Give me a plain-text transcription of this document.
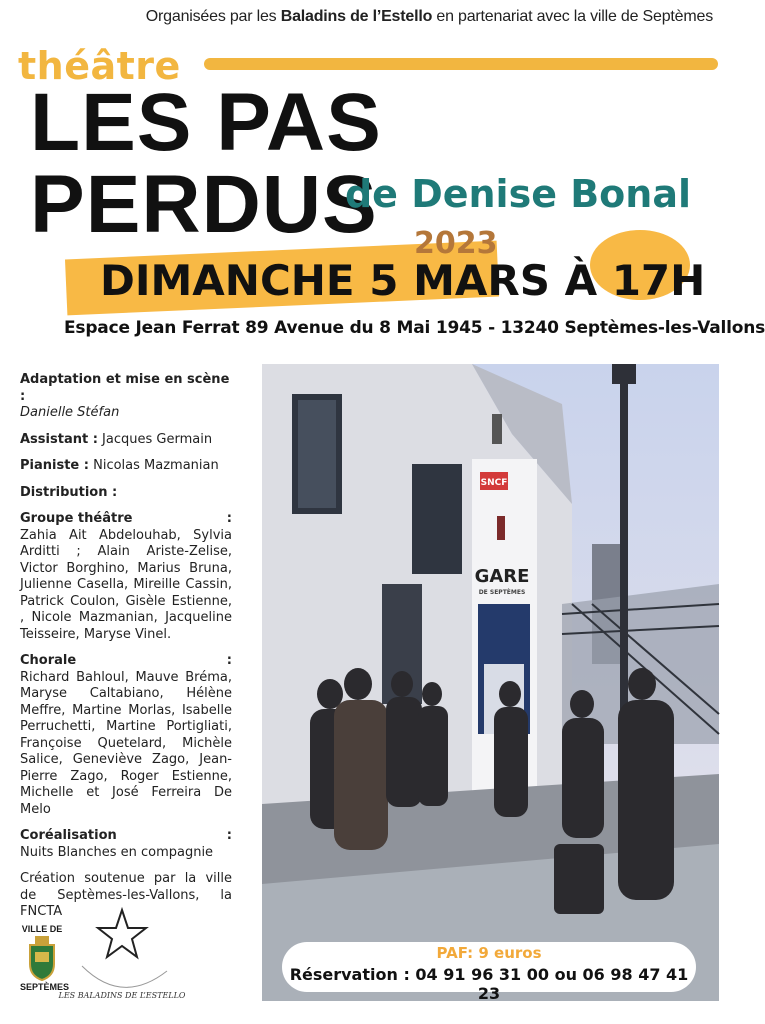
Organisées par les Baladins de l’Estello en partenariat avec la ville de Septèmes
théâtre
LES PAS PERDUS
de Denise Bonal
2023
DIMANCHE 5 MARS À 17H
Espace Jean Ferrat 89 Avenue du 8 Mai 1945 - 13240 Septèmes-les-Vallons
Adaptation et mise en scène :
Danielle Stéfan
Assistant : Jacques Germain
Pianiste : Nicolas Mazmanian
Distribution :
Groupe théâtre	:
Zahia Ait Abdelouhab, Sylvia Arditti ; Alain Ariste-Zelise, Victor Borghino, Marius Bruna, Julienne Casella, Mireille Cassin, Patrick Coulon, Gisèle Estienne, , Nicole Mazmanian, Jacqueline Teisseire, Maryse Vinel.
Chorale	:
Richard Bahloul, Mauve Bréma, Maryse Caltabiano, Hélène Meffre, Martine Morlas, Isabelle Perruchetti, Martine Portigliati, Françoise Quetelard, Michèle Salice, Geneviève Zago, Jean-Pierre Zago, Roger Estienne, Michelle et José Ferreira De Melo
Coréalisation	:
Nuits Blanches en compagnie
Création soutenue par la ville de Septèmes-les-Vallons, la FNCTA
SNCF
GARE
DE SEPTÈMES
PAF: 9 euros
Réservation : 04 91 96 31 00 ou 06 98 47 41 23
VILLE DE
SEPTÈMES
LES BALADINS DE L’ESTELLO
